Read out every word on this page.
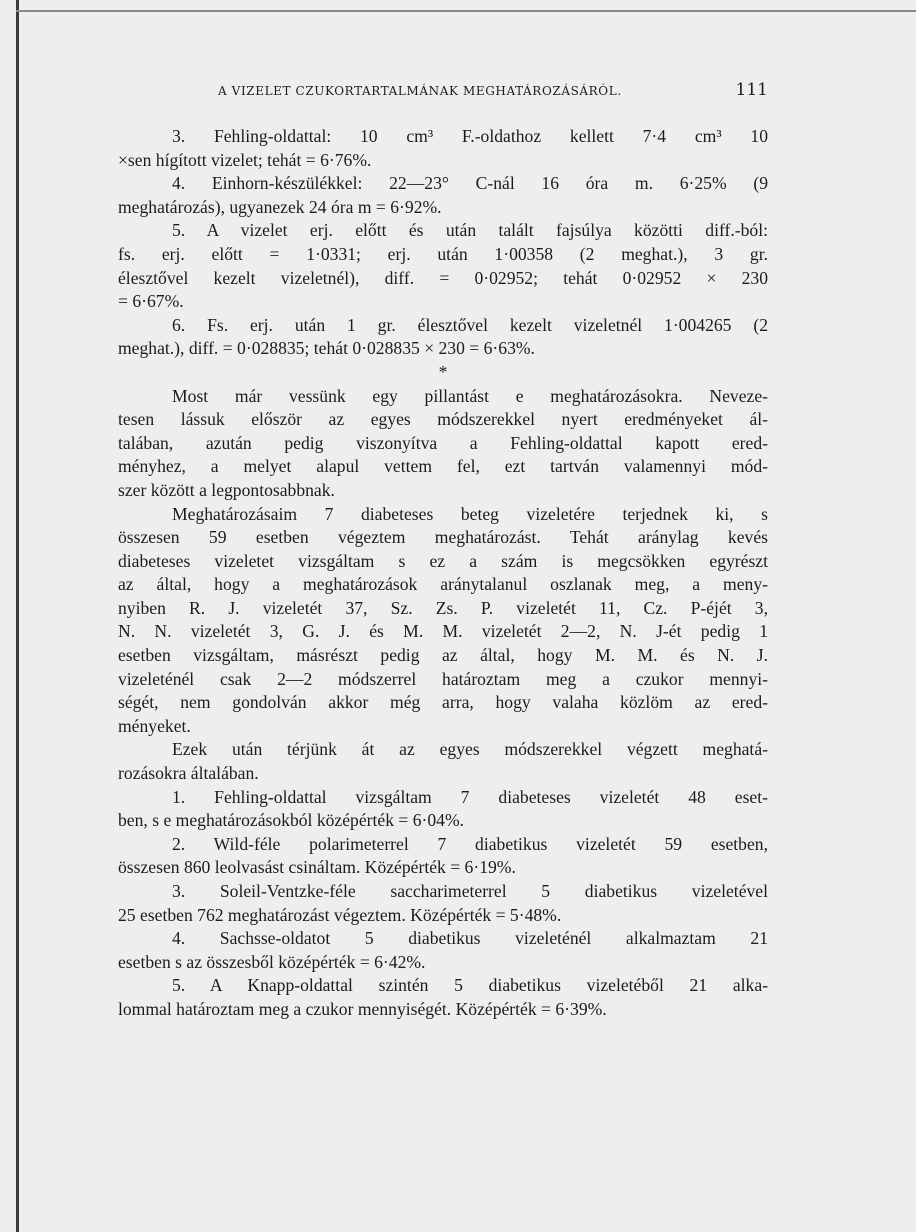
A VIZELET CZUKORTARTALMÁNAK MEGHATÁROZÁSÁRÓL.	111
3. Fehling-oldattal: 10 cm³ F.-oldathoz kellett 7·4 cm³ 10
×sen hígított vizelet; tehát = 6·76%.
4. Einhorn-készülékkel: 22—23° C-nál 16 óra m. 6·25% (9
meghatározás), ugyanezek 24 óra m = 6·92%.
5. A vizelet erj. előtt és után talált fajsúlya közötti diff.-ból:
fs. erj. előtt = 1·0331; erj. után 1·00358 (2 meghat.), 3 gr.
élesztővel kezelt vizeletnél), diff. = 0·02952; tehát 0·02952 × 230
= 6·67%.
6. Fs. erj. után 1 gr. élesztővel kezelt vizeletnél 1·004265 (2
meghat.), diff. = 0·028835; tehát 0·028835 × 230 = 6·63%.
*
Most már vessünk egy pillantást e meghatározásokra. Neveze-
tesen lássuk először az egyes módszerekkel nyert eredményeket ál-
talában, azután pedig viszonyítva a Fehling-oldattal kapott ered-
ményhez, a melyet alapul vettem fel, ezt tartván valamennyi mód-
szer között a legpontosabbnak.
Meghatározásaim 7 diabeteses beteg vizeletére terjednek ki, s
összesen 59 esetben végeztem meghatározást. Tehát aránylag kevés
diabeteses vizeletet vizsgáltam s ez a szám is megcsökken egyrészt
az által, hogy a meghatározások aránytalanul oszlanak meg, a meny-
nyiben R. J. vizeletét 37, Sz. Zs. P. vizeletét 11, Cz. P-éjét 3,
N. N. vizeletét 3, G. J. és M. M. vizeletét 2—2, N. J-ét pedig 1
esetben vizsgáltam, másrészt pedig az által, hogy M. M. és N. J.
vizeleténél csak 2—2 módszerrel határoztam meg a czukor mennyi-
ségét, nem gondolván akkor még arra, hogy valaha közlöm az ered-
ményeket.
Ezek után térjünk át az egyes módszerekkel végzett meghatá-
rozásokra általában.
1. Fehling-oldattal vizsgáltam 7 diabeteses vizeletét 48 eset-
ben, s e meghatározásokból középérték = 6·04%.
2. Wild-féle polarimeterrel 7 diabetikus vizeletét 59 esetben,
összesen 860 leolvasást csináltam. Középérték = 6·19%.
3. Soleil-Ventzke-féle saccharimeterrel 5 diabetikus vizeletével
25 esetben 762 meghatározást végeztem. Középérték = 5·48%.
4. Sachsse-oldatot 5 diabetikus vizeleténél alkalmaztam 21
esetben s az összesből középérték = 6·42%.
5. A Knapp-oldattal szintén 5 diabetikus vizeletéből 21 alka-
lommal határoztam meg a czukor mennyiségét. Középérték = 6·39%.
